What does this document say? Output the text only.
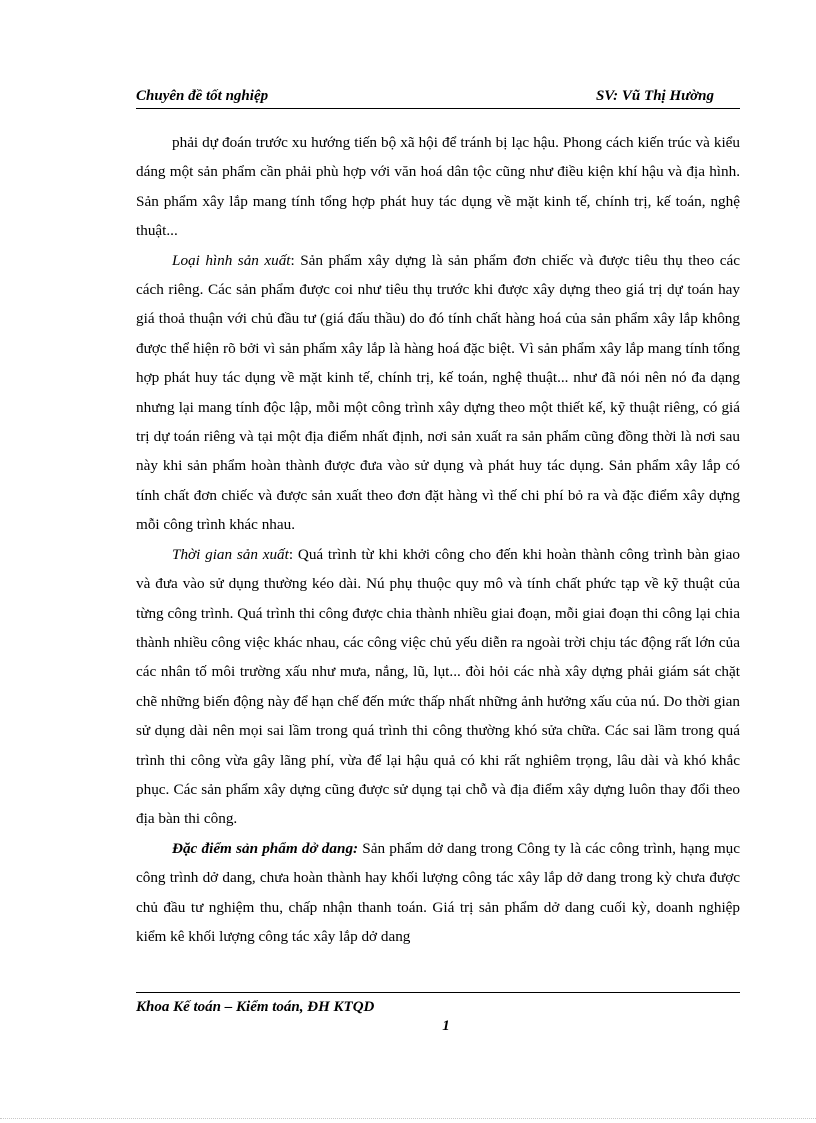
Chuyên đề tốt nghiệp	SV: Vũ Thị Hường

phải dự đoán trước xu hướng tiến bộ xã hội để tránh bị lạc hậu. Phong cách kiến trúc và kiểu dáng một sản phẩm cần phải phù hợp với văn hoá dân tộc cũng như điều kiện khí hậu và địa hình. Sản phẩm xây lắp mang tính tổng hợp phát huy tác dụng về mặt kinh tế, chính trị, kế toán, nghệ thuật...

Loại hình sản xuất: Sản phẩm xây dựng là sản phẩm đơn chiếc và được tiêu thụ theo các cách riêng. Các sản phẩm được coi như tiêu thụ trước khi được xây dựng theo giá trị dự toán hay giá thoả thuận với chủ đầu tư (giá đấu thầu) do đó tính chất hàng hoá của sản phẩm xây lắp không được thể hiện rõ bởi vì sản phẩm xây lắp là hàng hoá đặc biệt. Vì sản phẩm xây lắp mang tính tổng hợp phát huy tác dụng về mặt kinh tế, chính trị, kế toán, nghệ thuật... như đã nói nên nó đa dạng nhưng lại mang tính độc lập, mỗi một công trình xây dựng theo một thiết kế, kỹ thuật riêng, có giá trị dự toán riêng và tại một địa điểm nhất định, nơi sản xuất ra sản phẩm cũng đồng thời là nơi sau này khi sản phẩm hoàn thành được đưa vào sử dụng và phát huy tác dụng. Sản phẩm xây lắp có tính chất đơn chiếc và được sản xuất theo đơn đặt hàng vì thế chi phí bỏ ra và đặc điểm xây dựng mỗi công trình khác nhau.

Thời gian sản xuất: Quá trình từ khi khởi công cho đến khi hoàn thành công trình bàn giao và đưa vào sử dụng thường kéo dài. Nú phụ thuộc quy mô và tính chất phức tạp về kỹ thuật của từng công trình. Quá trình thi công được chia thành nhiều giai đoạn, mỗi giai đoạn thi công lại chia thành nhiều công việc khác nhau, các công việc chủ yếu diễn ra ngoài trời chịu tác động rất lớn của các nhân tố môi trường xấu như mưa, nắng, lũ, lụt... đòi hỏi các nhà xây dựng phải giám sát chặt chẽ những biến động này để hạn chế đến mức thấp nhất những ảnh hưởng xấu của nú. Do thời gian sử dụng dài nên mọi sai lầm trong quá trình thi công thường khó sửa chữa. Các sai lầm trong quá trình thi công vừa gây lãng phí, vừa để lại hậu quả có khi rất nghiêm trọng, lâu dài và khó khắc phục. Các sản phẩm xây dựng cũng được sử dụng tại chỗ và địa điểm xây dựng luôn thay đổi theo địa bàn thi công.

Đặc điểm sản phẩm dở dang: Sản phẩm dở dang trong Công ty là các công trình, hạng mục công trình dở dang, chưa hoàn thành hay khối lượng công tác xây lắp dở dang trong kỳ chưa được chủ đầu tư nghiệm thu, chấp nhận thanh toán. Giá trị sản phẩm dở dang cuối kỳ, doanh nghiệp kiểm kê khối lượng công tác xây lắp dở dang

Khoa Kế toán – Kiểm toán, ĐH KTQD
1
